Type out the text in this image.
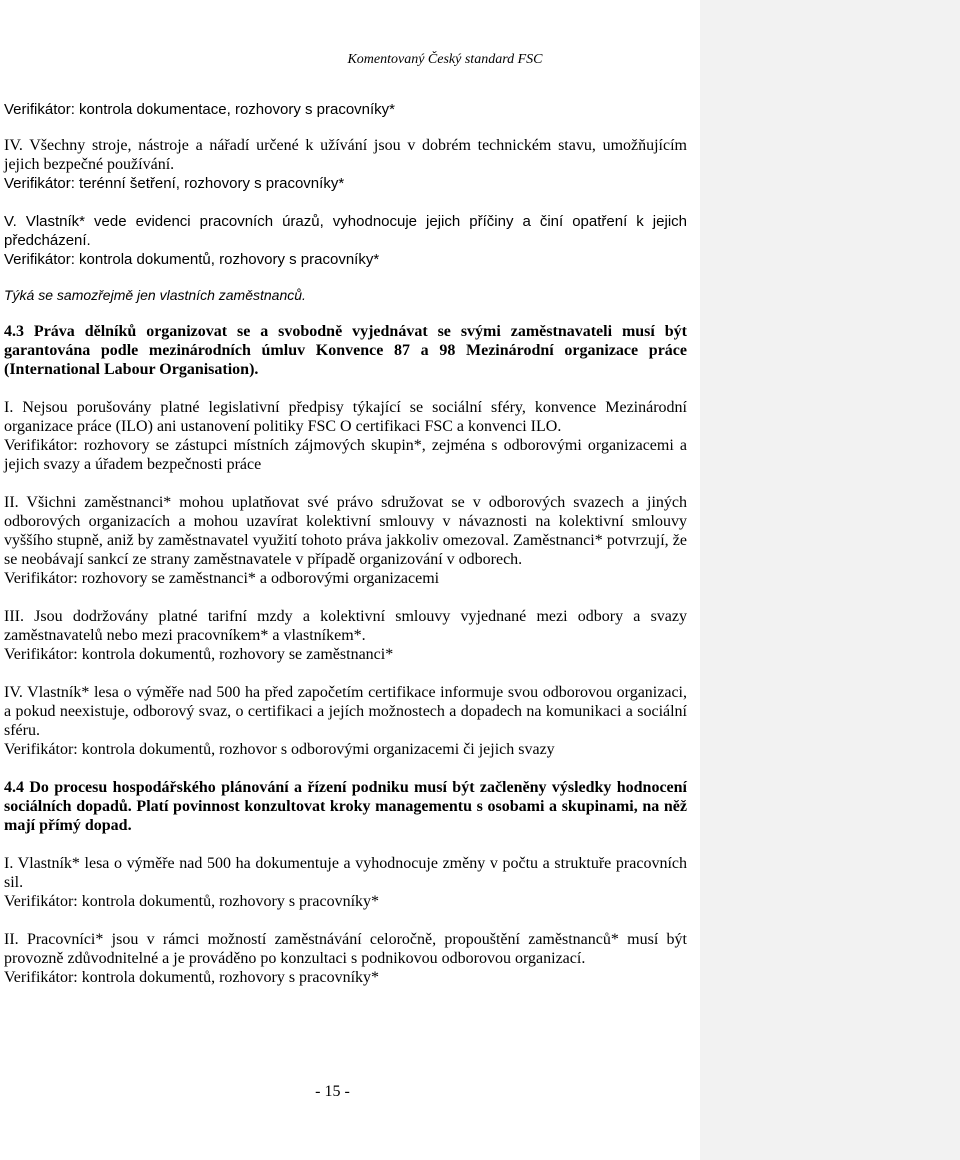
Komentovaný Český standard FSC

Verifikátor: kontrola dokumentace, rozhovory s pracovníky*

IV. Všechny stroje, nástroje a nářadí určené k užívání jsou v dobrém technickém stavu, umožňujícím jejich bezpečné používání.

Verifikátor: terénní šetření, rozhovory s pracovníky*

V. Vlastník* vede evidenci pracovních úrazů, vyhodnocuje jejich příčiny a činí opatření k jejich předcházení.

Verifikátor: kontrola dokumentů, rozhovory s pracovníky*

Týká se samozřejmě jen vlastních zaměstnanců.

4.3 Práva dělníků organizovat se a svobodně vyjednávat se svými zaměstnavateli musí být garantována podle mezinárodních úmluv Konvence 87 a 98 Mezinárodní organizace práce (International Labour Organisation).

I. Nejsou porušovány platné legislativní předpisy týkající se sociální sféry, konvence Mezinárodní organizace práce (ILO) ani ustanovení politiky FSC O certifikaci FSC a konvenci ILO.

Verifikátor: rozhovory se zástupci místních zájmových skupin*, zejména s odborovými organizacemi a jejich svazy a úřadem bezpečnosti práce

II. Všichni zaměstnanci* mohou uplatňovat své právo sdružovat se v odborových svazech a jiných odborových organizacích a mohou uzavírat kolektivní smlouvy v návaznosti na kolektivní smlouvy vyššího stupně, aniž by zaměstnavatel využití tohoto práva jakkoliv omezoval. Zaměstnanci* potvrzují, že se neobávají sankcí ze strany zaměstnavatele v případě organizování v odborech.

Verifikátor: rozhovory se zaměstnanci* a odborovými organizacemi

III. Jsou dodržovány platné tarifní mzdy a kolektivní smlouvy vyjednané mezi odbory a svazy zaměstnavatelů nebo mezi pracovníkem* a vlastníkem*.

Verifikátor: kontrola dokumentů, rozhovory se zaměstnanci*

IV. Vlastník* lesa o výměře nad 500 ha před započetím certifikace informuje svou odborovou organizaci, a pokud neexistuje, odborový svaz, o certifikaci a jejích možnostech a dopadech na komunikaci a sociální sféru.

Verifikátor: kontrola dokumentů, rozhovor s odborovými organizacemi či jejich svazy

4.4 Do procesu hospodářského plánování a řízení podniku musí být začleněny výsledky hodnocení sociálních dopadů. Platí povinnost konzultovat kroky managementu s osobami a skupinami, na něž mají přímý dopad.

I. Vlastník* lesa o výměře nad 500 ha dokumentuje a vyhodnocuje změny v počtu a struktuře pracovních sil.

Verifikátor: kontrola dokumentů, rozhovory s pracovníky*

II. Pracovníci* jsou v rámci možností zaměstnávání celoročně, propouštění zaměstnanců* musí být provozně zdůvodnitelné a je prováděno po konzultaci s podnikovou odborovou organizací.

Verifikátor: kontrola dokumentů, rozhovory s pracovníky*

- 15 -
